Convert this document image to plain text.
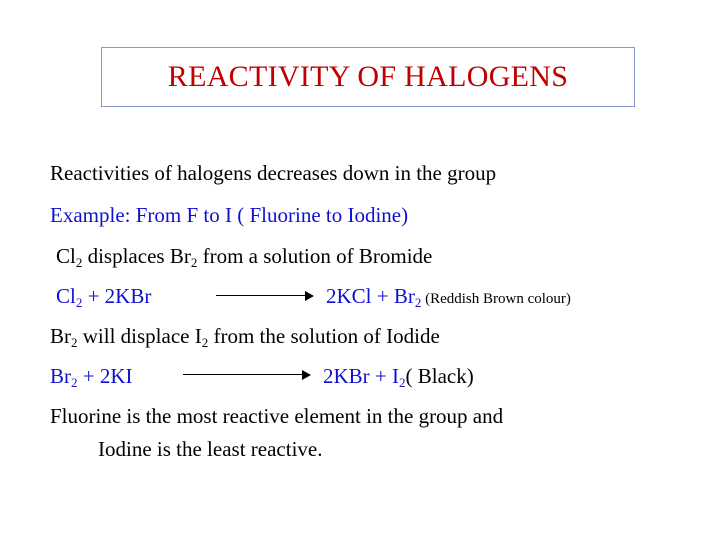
REACTIVITY OF HALOGENS
Reactivities of halogens decreases down in the group
Example: From F to I ( Fluorine to Iodine)
$Cl_2$ displaces $Br_2$ from a solution of Bromide
$Cl_2 + 2KBr$	$2KCl + Br_2$ (Reddish Brown colour)
$Br_2$ will displace $I_2$ from the solution of Iodide
$Br_2 + 2KI$	$2KBr + I_2$( Black)
Fluorine is the most reactive element in the group and
Iodine is the least reactive.
